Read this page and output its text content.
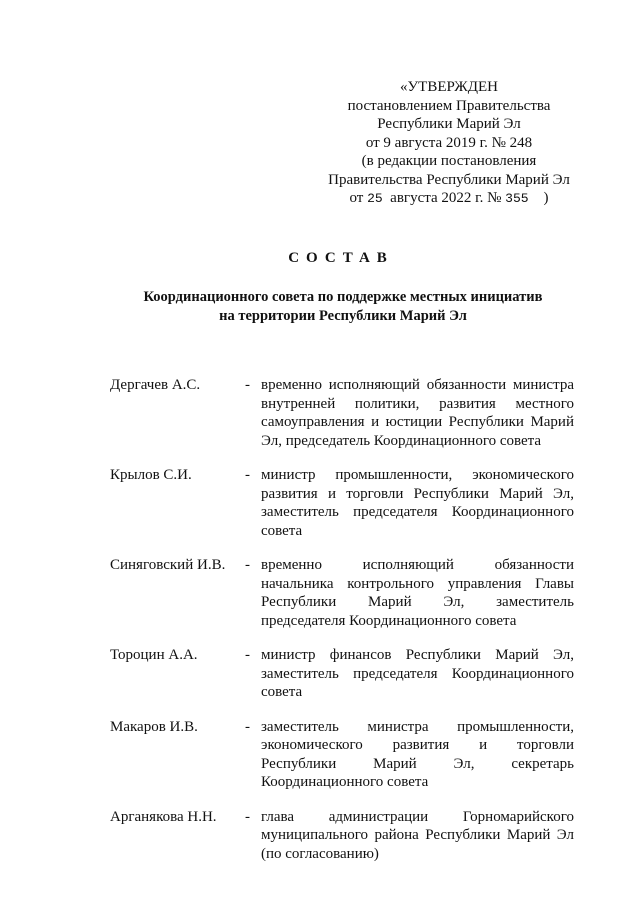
«УТВЕРЖДЕН
постановлением Правительства
Республики Марий Эл
от 9 августа 2019 г. № 248
(в редакции постановления
Правительства Республики Марий Эл
от 25 августа 2022 г. № 355 )
СОСТАВ
Координационного совета по поддержке местных инициатив
на территории Республики Марий Эл
Дергачев А.С.	- временно исполняющий обязанности министра внутренней политики, развития местного самоуправления и юстиции Республики Марий Эл, председатель Координационного совета
Крылов С.И.	- министр промышленности, экономического развития и торговли Республики Марий Эл, заместитель председателя Координационного совета
Синяговский И.В. - временно исполняющий обязанности начальника контрольного управления Главы Республики Марий Эл, заместитель председателя Координационного совета
Тороцин А.А.	- министр финансов Республики Марий Эл, заместитель председателя Координационного совета
Макаров И.В.	- заместитель министра промышленности, экономического развития и торговли Республики Марий Эл, секретарь Координационного совета
Арганякова Н.Н. - глава администрации Горномарийского муниципального района Республики Марий Эл (по согласованию)
